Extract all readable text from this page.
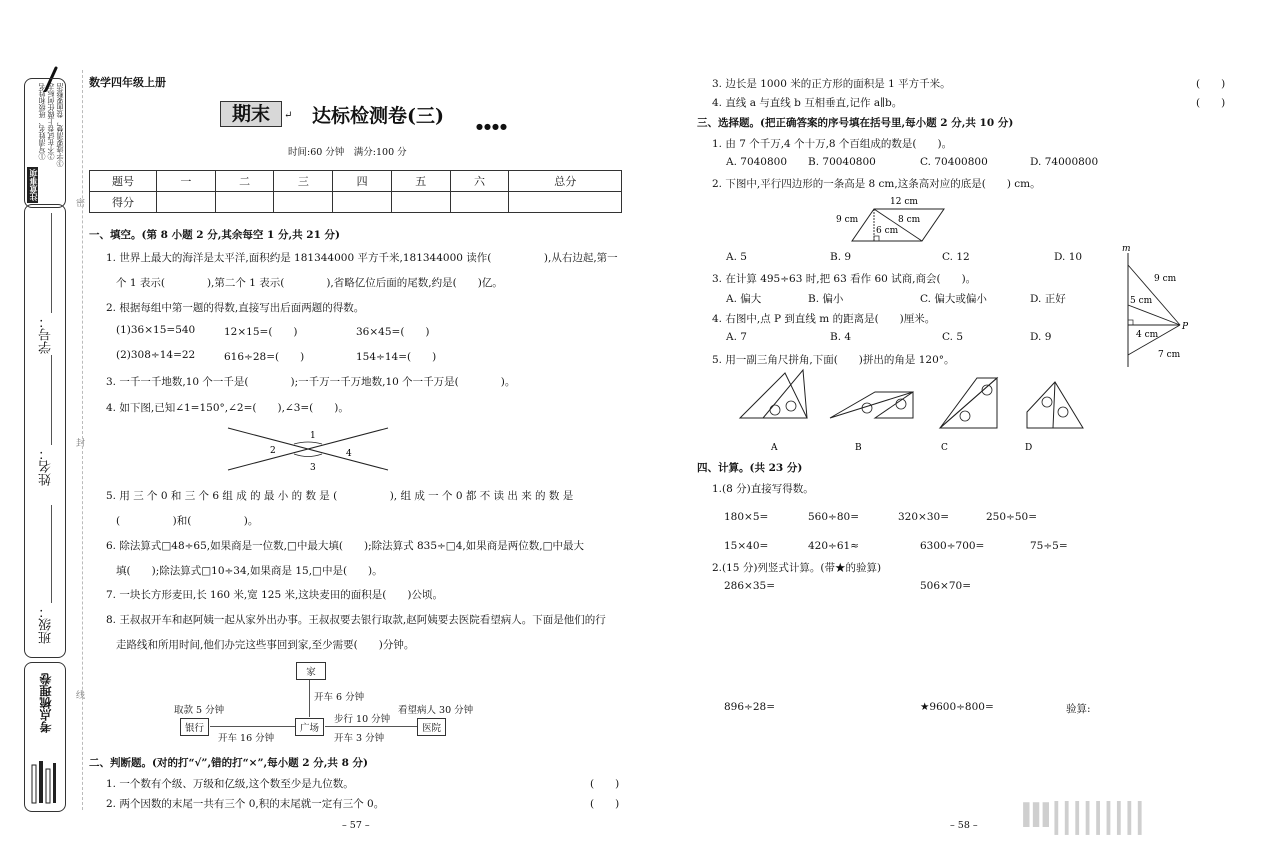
注意事项
①写清姓名、班级和姓名 ②不在试卷上做任何标志 ③字迹要清楚，卷面要整洁
学号：
姓名：
班级：
考点梳理卷
密
封
线
数学四年级上册
期末	↵ 达标检测卷(三)	●●●●
时间:60 分钟　满分:100 分
题号	一	二	三	四	五	六	总分
得分							
一、填空。(第 8 小题 2 分,其余每空 1 分,共 21 分)
1. 世界上最大的海洋是太平洋,面积约是 181344000 平方千米,181344000 读作(　　　　　),从右边起,第一
个 1 表示(　　　　),第二个 1 表示(　　　　),省略亿位后面的尾数,约是(　　)亿。
2. 根据每组中第一题的得数,直接写出后面两题的得数。
(1)36×15=540	12×15=(　　)	36×45=(　　)
(2)308÷14=22	616÷28=(　　)	154÷14=(　　)
3. 一千一千地数,10 个一千是(　　　　);一千万一千万地数,10 个一千万是(　　　　)。
4. 如下图,已知∠1=150°,∠2=(　　),∠3=(　　)。
1
2
3
4
5. 用 三 个 0 和 三 个 6 组 成 的 最 小 的 数 是 (　　　　　), 组 成 一 个 0 都 不 读 出 来 的 数 是
(　　　　　)和(　　　　　)。
6. 除法算式□48÷65,如果商是一位数,□中最大填(　　);除法算式 835÷□4,如果商是两位数,□中最大
填(　　);除法算式□10÷34,如果商是 15,□中是(　　)。
7. 一块长方形麦田,长 160 米,宽 125 米,这块麦田的面积是(　　)公顷。
8. 王叔叔开车和赵阿姨一起从家外出办事。王叔叔要去银行取款,赵阿姨要去医院看望病人。下面是他们的行
走路线和所用时间,他们办完这些事回到家,至少需要(　　)分钟。
家
银行	广场	医院
开车 6 分钟
取款 5 分钟
开车 16 分钟
步行 10 分钟
开车 3 分钟
看望病人 30 分钟
二、判断题。(对的打“√”,错的打“×”,每小题 2 分,共 8 分)
1. 一个数有个级、万级和亿级,这个数至少是九位数。	(　　)
2. 两个因数的末尾一共有三个 0,积的末尾就一定有三个 0。	(　　)
– 57 –
3. 边长是 1000 米的正方形的面积是 1 平方千米。	(　　)
4. 直线 a 与直线 b 互相垂直,记作 a∥b。	(　　)
三、选择题。(把正确答案的序号填在括号里,每小题 2 分,共 10 分)
1. 由 7 个千万,4 个十万,8 个百组成的数是(　　)。
A. 7040800 B. 70040800	C. 70400800	D. 74000800
2. 下图中,平行四边形的一条高是 8 cm,这条高对应的底是(　　) cm。
12 cm
9 cm	8 cm
6 cm
A. 5	B. 9	C. 12	D. 10
3. 在计算 495÷63 时,把 63 看作 60 试商,商会(　　)。
A. 偏大	B. 偏小	C. 偏大或偏小	D. 正好
4. 右图中,点 P 到直线 m 的距离是(　　)厘米。
A. 7	B. 4	C. 5	D. 9
m
9 cm
5 cm
4 cm
7 cm
P
5. 用一副三角尺拼角,下面(　　)拼出的角是 120°。
A	B	C	D
四、计算。(共 23 分)
1.(8 分)直接写得数。
180×5=	560÷80=	320×30=	250÷50=
15×40=	420÷61≈	6300÷700=	75÷5=
2.(15 分)列竖式计算。(带★的验算)
286×35=	506×70=
896÷28=	★9600÷800=	验算:
– 58 – Ⅲ|||||||||
